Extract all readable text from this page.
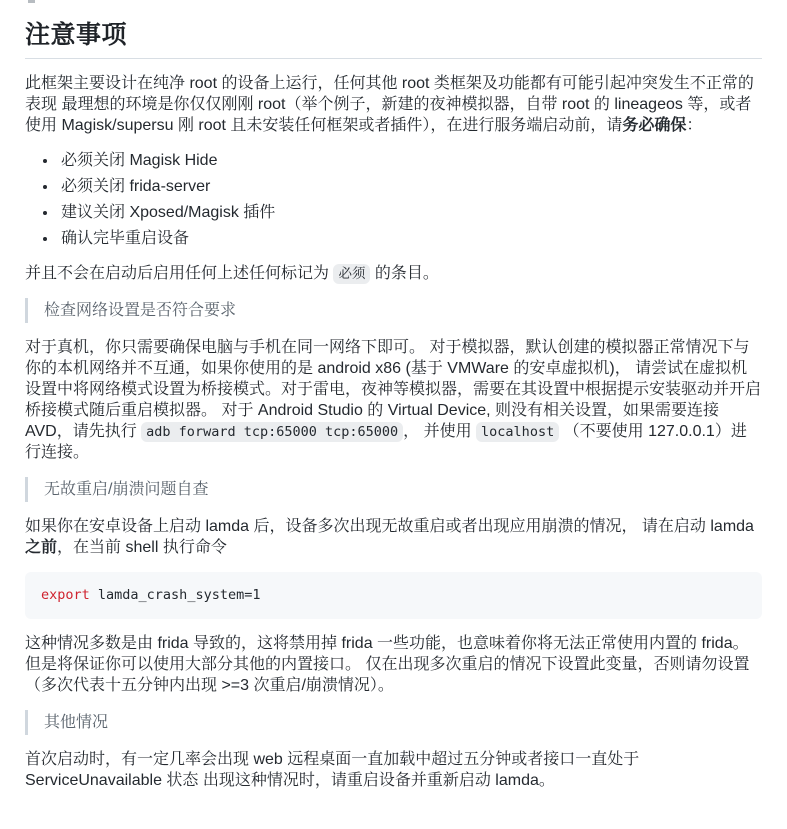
注意事项

此框架主要设计在纯净 root 的设备上运行，任何其他 root 类框架及功能都有可能引起冲突发生不正常的表现 最理想的环境是你仅仅刚刚 root（举个例子，新建的夜神模拟器，自带 root 的 lineageos 等，或者使用 Magisk/supersu 刚 root 且未安装任何框架或者插件），在进行服务端启动前，请务必确保：

• 必须关闭 Magisk Hide
• 必须关闭 frida-server
• 建议关闭 Xposed/Magisk 插件
• 确认完毕重启设备

并且不会在启动后启用任何上述任何标记为 必须 的条目。

检查网络设置是否符合要求

对于真机，你只需要确保电脑与手机在同一网络下即可。 对于模拟器，默认创建的模拟器正常情况下与你的本机网络并不互通，如果你使用的是 android x86 (基于 VMWare 的安卓虚拟机)， 请尝试在虚拟机设置中将网络模式设置为桥接模式。对于雷电，夜神等模拟器，需要在其设置中根据提示安装驱动并开启桥接模式随后重启模拟器。 对于 Android Studio 的 Virtual Device, 则没有相关设置，如果需要连接 AVD，请先执行 adb forward tcp:65000 tcp:65000 ， 并使用 localhost （不要使用 127.0.0.1）进行连接。

无故重启/崩溃问题自查

如果你在安卓设备上启动 lamda 后，设备多次出现无故重启或者出现应用崩溃的情况， 请在启动 lamda 之前，在当前 shell 执行命令

export lamda_crash_system=1

这种情况多数是由 frida 导致的，这将禁用掉 frida 一些功能，也意味着你将无法正常使用内置的 frida。 但是将保证你可以使用大部分其他的内置接口。 仅在出现多次重启的情况下设置此变量，否则请勿设置（多次代表十五分钟内出现 >=3 次重启/崩溃情况）。

其他情况

首次启动时，有一定几率会出现 web 远程桌面一直加载中超过五分钟或者接口一直处于 ServiceUnavailable 状态 出现这种情况时，请重启设备并重新启动 lamda。
